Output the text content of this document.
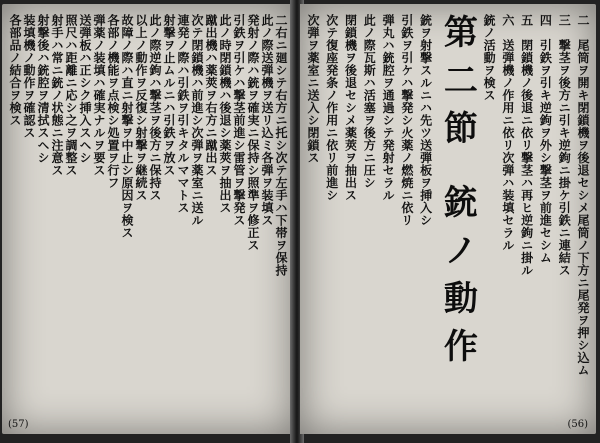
二右ニ廻シテ右方ニ托シ次テ左手ハ下帯ヲ保持
此ノ際送弾機ヲ送リ込ミ各弾ヲ装填ス
発射ノ際ハ銃ヲ確実ニ保持シ照準ヲ修正ス
引鉄ヲ引ケハ撃茎前進シ雷管ヲ撃発ス
此ノ時閉鎖機ハ後退シ薬莢ヲ抽出ス
蹴出機ハ薬莢ヲ右方ニ蹴出ス
次テ閉鎖機ハ前進シ次弾ヲ薬室ニ送ル
連発ノ際ハ引鉄ヲ引キタルママトス
射撃ヲ止ムルニハ引鉄ヲ放ス
此ノ際逆鉤ハ撃茎ヲ後方ニ保持ス
以上ノ動作ヲ反復シ射撃ヲ継続ス
故障ノ際ハ直ニ射撃ヲ中止シ原因ヲ検ス
各部ノ機能ヲ点検シ処置ヲ行フ
弾薬ノ装填ハ確実ナルヲ要ス
送弾板ハ正シク挿入スヘシ
照尺ハ距離ニ応シ之ヲ調整ス
射手ハ常ニ銃ノ状態ニ注意ス
射撃後ハ銃腔ヲ清拭スヘシ
装填機ノ動作ヲ確認ス
各部品ノ結合ヲ検ス
(57)
二　尾筒ヲ開キ閉鎖機ヲ後退セシメ尾筒ノ下方ニ尾発ヲ押シ込ム
三　撃茎ヲ後方ニ引キ逆鉤ニ掛ケ引鉄ニ連結ス
四　引鉄ヲ引キ逆鉤ヲ外シ撃茎ヲ前進セシム
五　閉鎖機ノ後退ニ依リ撃茎ハ再ヒ逆鉤ニ掛ル
六　送弾機ノ作用ニ依リ次弾ハ装填セラル
銃ノ活動ヲ検ス
第二節 銃ノ動作
銃ヲ射撃スルニハ先ツ送弾板ヲ挿入シ
引鉄ヲ引ケハ撃発シ火薬ノ燃焼ニ依リ
弾丸ハ銃腔ヲ通過シテ発射セラル
此ノ際瓦斯ハ活塞ヲ後方ニ圧シ
閉鎖機ヲ後退セシメ薬莢ヲ抽出ス
次テ復座発条ノ作用ニ依リ前進シ
次弾ヲ薬室ニ送入シ閉鎖ス
(56)
